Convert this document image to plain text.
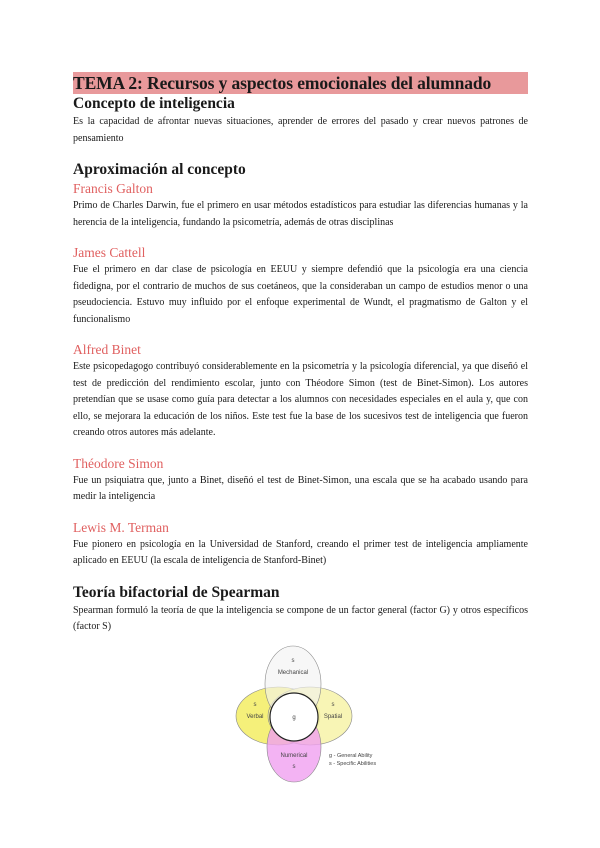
TEMA 2: Recursos y aspectos emocionales del alumnado
Concepto de inteligencia

Es la capacidad de afrontar nuevas situaciones, aprender de errores del pasado y crear nuevos patrones de pensamiento

Aproximación al concepto
Francis Galton

Primo de Charles Darwin, fue el primero en usar métodos estadísticos para estudiar las diferencias humanas y la herencia de la inteligencia, fundando la psicometría, además de otras disciplinas

James Cattell

Fue el primero en dar clase de psicología en EEUU y siempre defendió que la psicología era una ciencia fidedigna, por el contrario de muchos de sus coetáneos, que la consideraban un campo de estudios menor o una pseudociencia. Estuvo muy influido por el enfoque experimental de Wundt, el pragmatismo de Galton y el funcionalismo

Alfred Binet

Este psicopedagogo contribuyó considerablemente en la psicometría y la psicología diferencial, ya que diseñó el test de predicción del rendimiento escolar, junto con Théodore Simon (test de Binet-Simon). Los autores pretendían que se usase como guía para detectar a los alumnos con necesidades especiales en el aula y, que con ello, se mejorara la educación de los niños. Este test fue la base de los sucesivos test de inteligencia que fueron creando otros autores más adelante.

Théodore Simon

Fue un psiquiatra que, junto a Binet, diseñó el test de Binet-Simon, una escala que se ha acabado usando para medir la inteligencia

Lewis M. Terman

Fue pionero en psicología en la Universidad de Stanford, creando el primer test de inteligencia ampliamente aplicado en EEUU (la escala de inteligencia de Stanford-Binet)

Teoría bifactorial de Spearman

Spearman formuló la teoría de que la inteligencia se compone de un factor general (factor G) y otros específicos (factor S)

s
Mechanical
s
Verbal
s
Spatial
g
Numerical
s
g - General Ability
s - Specific Abilities
